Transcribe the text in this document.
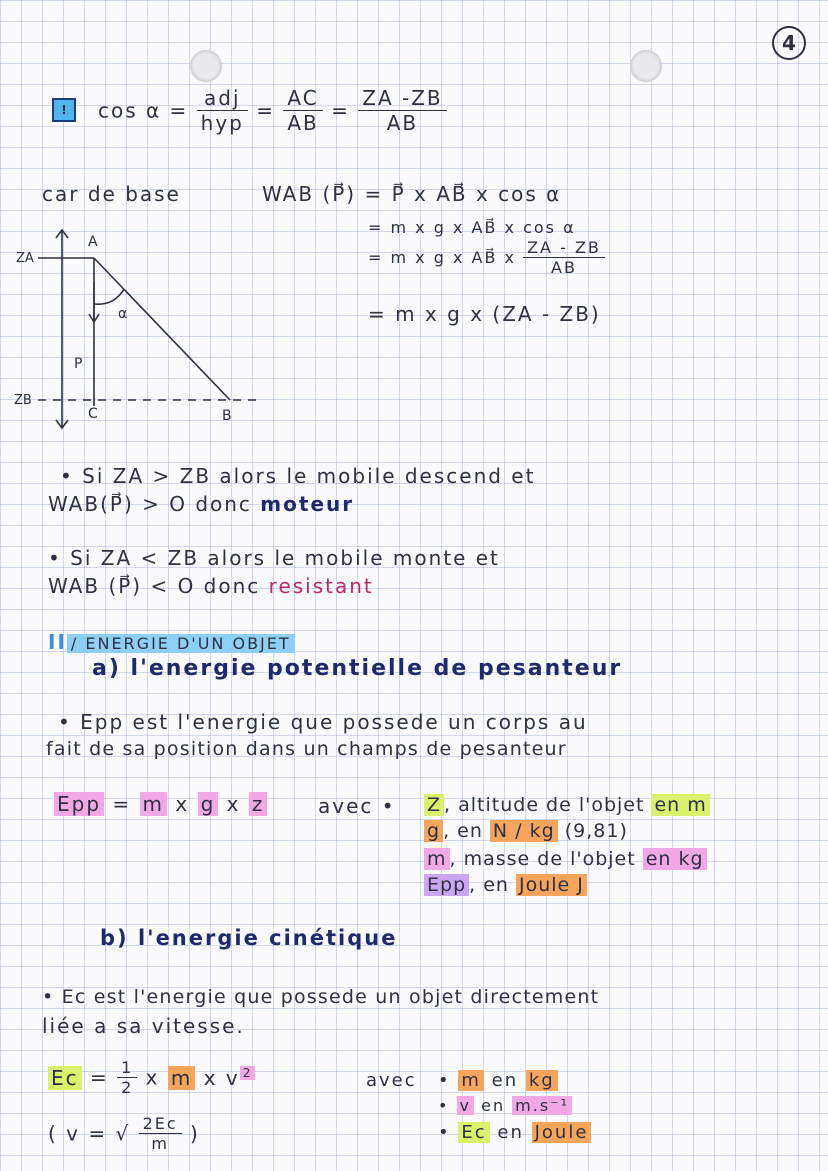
4
!	$\cos \alpha = \frac{\text{adj}}{\text{hyp}} = \frac{AC}{AB} = \frac{ZA -ZB}{AB}$
car de base	WAB (P⃗) = P⃗ x AB⃗ x cos α
= m x g x AB⃗ x cos α
= m x g x AB⃗ x $\frac{ZA - ZB}{AB}$
= m x g x (ZA - ZB)
ZA
ZB
A
B
C
P
α
• Si ZA > ZB alors le mobile descend et
WAB(P⃗) > O donc moteur
• Si ZA < ZB alors le mobile monte et
WAB (P⃗) < O donc resistant
II / ENERGIE D'UN OBJET
a) l'energie potentielle de pesanteur
• Epp est l'energie que possede un corps au
fait de sa position dans un champs de pesanteur
Epp = m x g x z	avec • Z , altitude de l'objet en m
g , en N / kg (9,81)
m , masse de l'objet en kg
Epp , en Joule J
b) l'energie cinétique
• Ec est l'energie que possede un objet directement
liée a sa vitesse.
$Ec = \frac{1}{2}$ x m x v $^2$
( v = √ $\frac{2Ec}{m}$ )
avec • m en kg
• v en m.s⁻¹
• Ec en Joule
